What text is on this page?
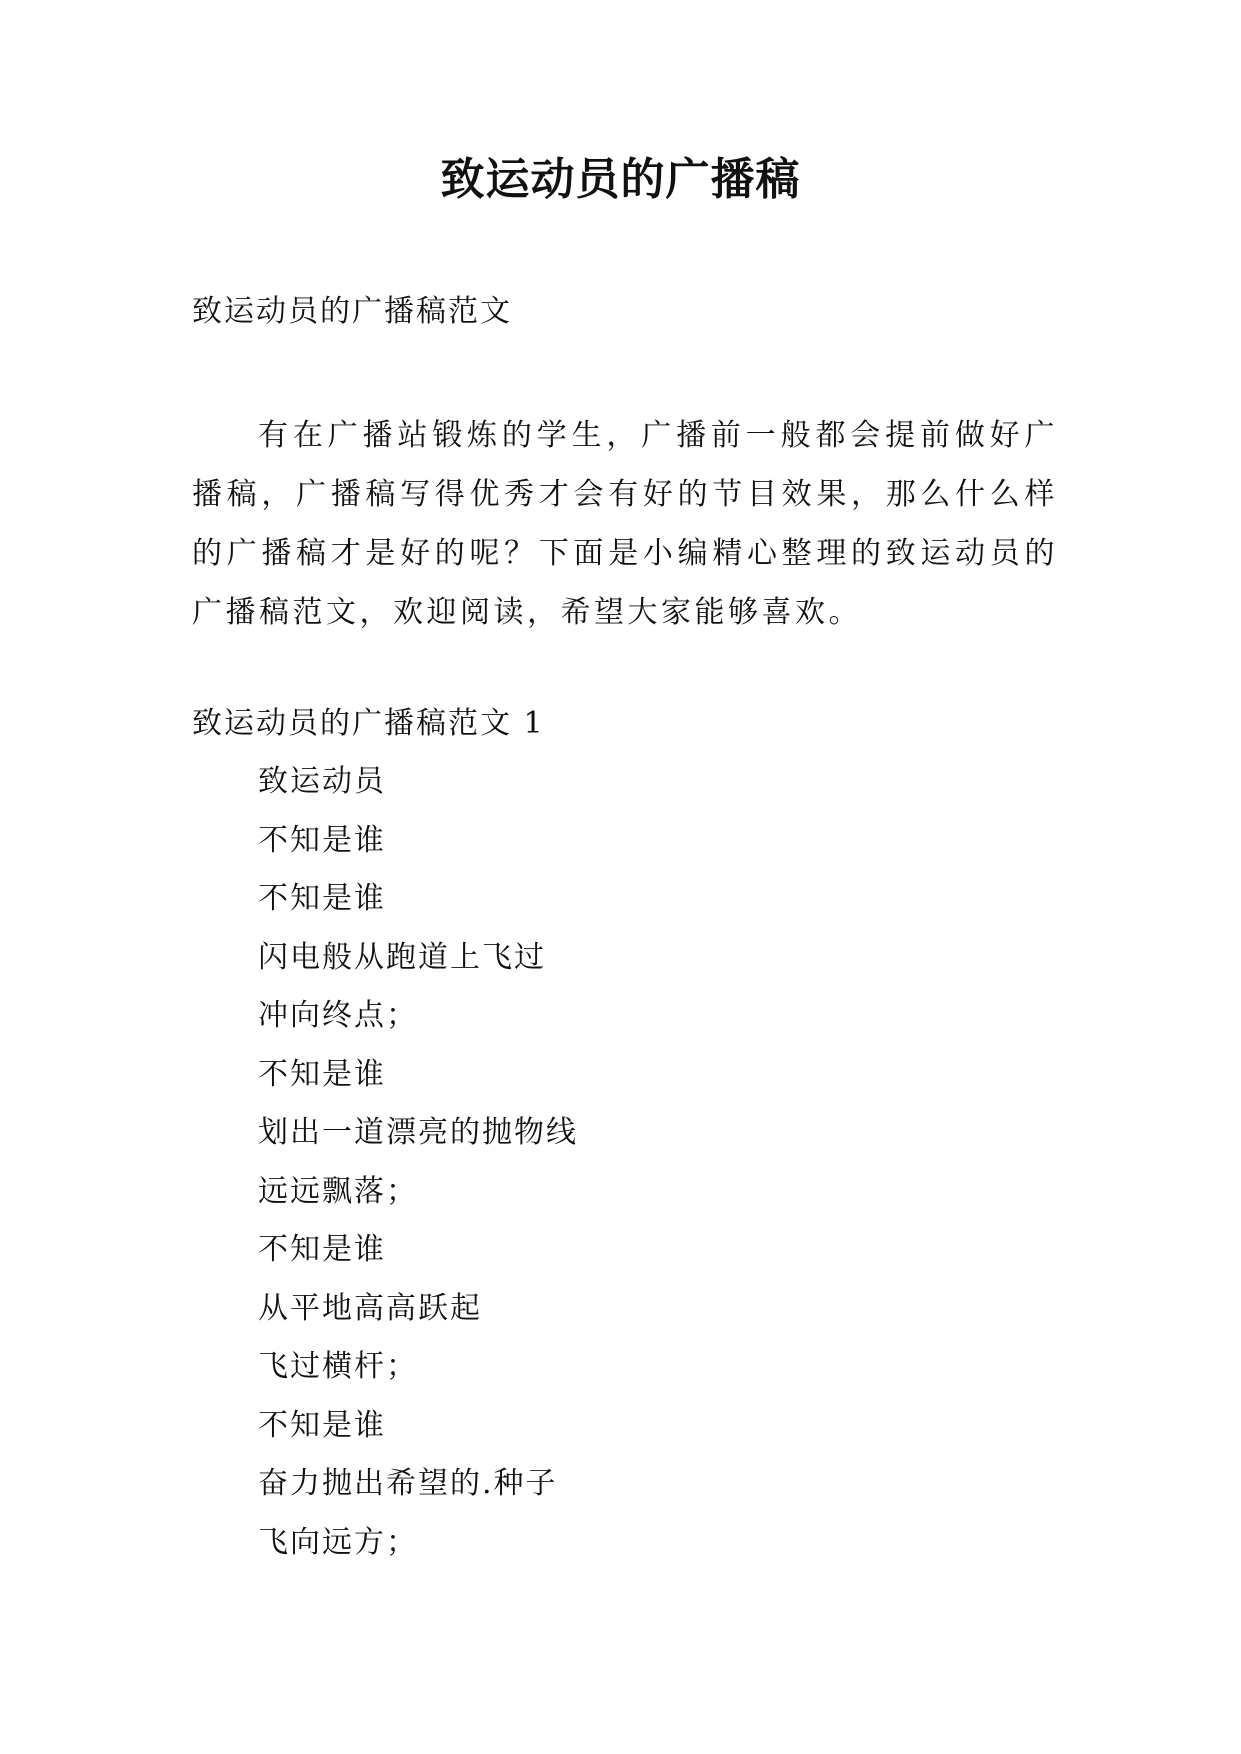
致运动员的广播稿

致运动员的广播稿范文

有在广播站锻炼的学生，广播前一般都会提前做好广播稿，广播稿写得优秀才会有好的节目效果，那么什么样的广播稿才是好的呢？下面是小编精心整理的致运动员的广播稿范文，欢迎阅读，希望大家能够喜欢。

致运动员的广播稿范文 1

致运动员
不知是谁
不知是谁
闪电般从跑道上飞过
冲向终点；
不知是谁
划出一道漂亮的抛物线
远远飘落；
不知是谁
从平地高高跃起
飞过横杆；
不知是谁
奋力抛出希望的.种子
飞向远方；
